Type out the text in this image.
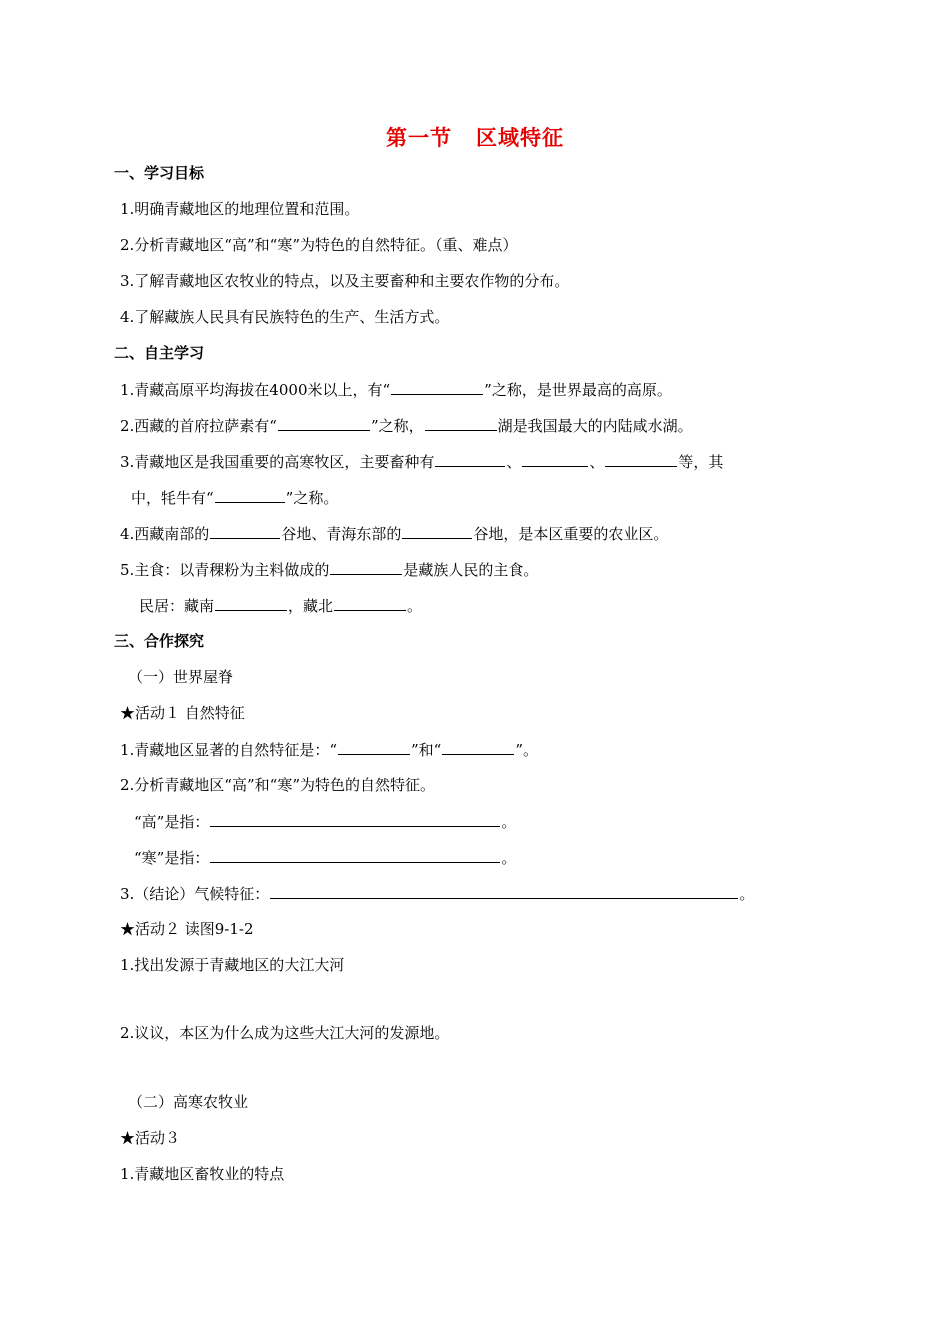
第一节 区域特征
一、学习目标
1.明确青藏地区的地理位置和范围。
2.分析青藏地区“高”和“寒”为特色的自然特征。（重、难点）
3.了解青藏地区农牧业的特点，以及主要畜种和主要农作物的分布。
4.了解藏族人民具有民族特色的生产、生活方式。
二、自主学习
1.青藏高原平均海拔在4000米以上，有“	”之称，是世界最高的高原。
2.西藏的首府拉萨素有“	”之称，	湖是我国最大的内陆咸水湖。
3.青藏地区是我国重要的高寒牧区，主要畜种有	、	、	等，其
中，牦牛有“	”之称。
4.西藏南部的	谷地、青海东部的	谷地，是本区重要的农业区。
5.主食：以青稞粉为主料做成的	是藏族人民的主食。
民居：藏南	，藏北	。
三、合作探究
（一）世界屋脊
★活动１ 自然特征
1.青藏地区显著的自然特征是：“	”和“	”。
2.分析青藏地区“高”和“寒”为特色的自然特征。
“高”是指：	。
“寒”是指：	。
3.（结论）气候特征：	。
★活动２ 读图9-1-2
1.找出发源于青藏地区的大江大河
2.议议，本区为什么成为这些大江大河的发源地。
（二）高寒农牧业
★活动３
1.青藏地区畜牧业的特点
